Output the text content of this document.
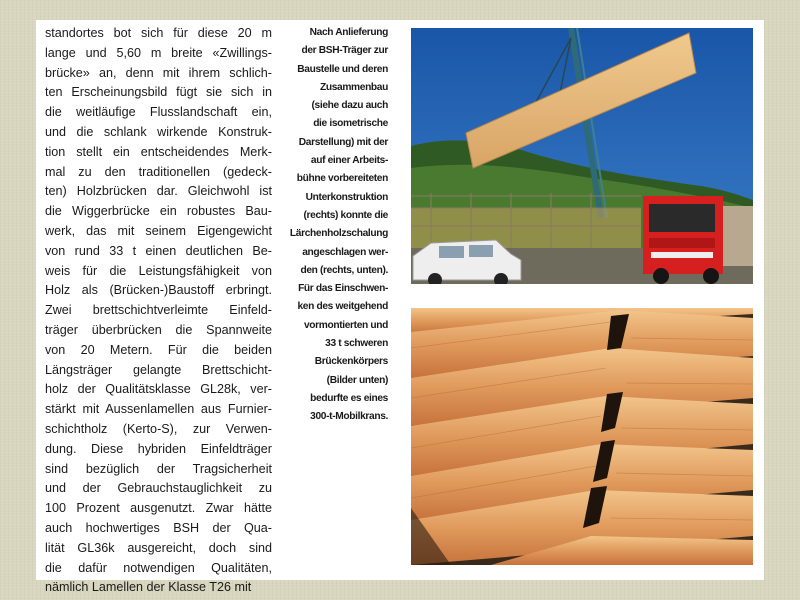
standortes bot sich für diese 20 m
lange und 5,60 m breite «Zwillings-
brücke» an, denn mit ihrem schlich-
ten Erscheinungsbild fügt sie sich in
die weitläufige Flusslandschaft ein,
und die schlank wirkende Konstruk-
tion stellt ein entscheidendes Merk-
mal zu den traditionellen (gedeck-
ten) Holzbrücken dar. Gleichwohl ist
die Wiggerbrücke ein robustes Bau-
werk, das mit seinem Eigengewicht
von rund 33 t einen deutlichen Be-
weis für die Leistungsfähigkeit von
Holz als (Brücken-)Baustoff erbringt.
Zwei brettschichtverleimte Einfeld-
träger überbrücken die Spannweite
von 20 Metern. Für die beiden
Längsträger gelangte Brettschicht-
holz der Qualitätsklasse GL28k, ver-
stärkt mit Aussenlamellen aus Furnier-
schichtholz (Kerto-S), zur Verwen-
dung. Diese hybriden Einfeldträger
sind bezüglich der Tragsicherheit
und der Gebrauchstauglichkeit zu
100 Prozent ausgenutzt. Zwar hätte
auch hochwertiges BSH der Qua-
lität GL36k ausgereicht, doch sind
die dafür notwendigen Qualitäten,
nämlich Lamellen der Klasse T26 mit
Nach Anlieferung
der BSH-Träger zur
Baustelle und deren
Zusammenbau
(siehe dazu auch
die isometrische
Darstellung) mit der
auf einer Arbeits-
bühne vorbereiteten
Unterkonstruktion
(rechts) konnte die
Lärchenholzschalung
angeschlagen wer-
den (rechts, unten).
Für das Einschwen-
ken des weitgehend
vormontierten und
33 t schweren
Brückenkörpers
(Bilder unten)
bedurfte es eines
300-t-Mobilkrans.
